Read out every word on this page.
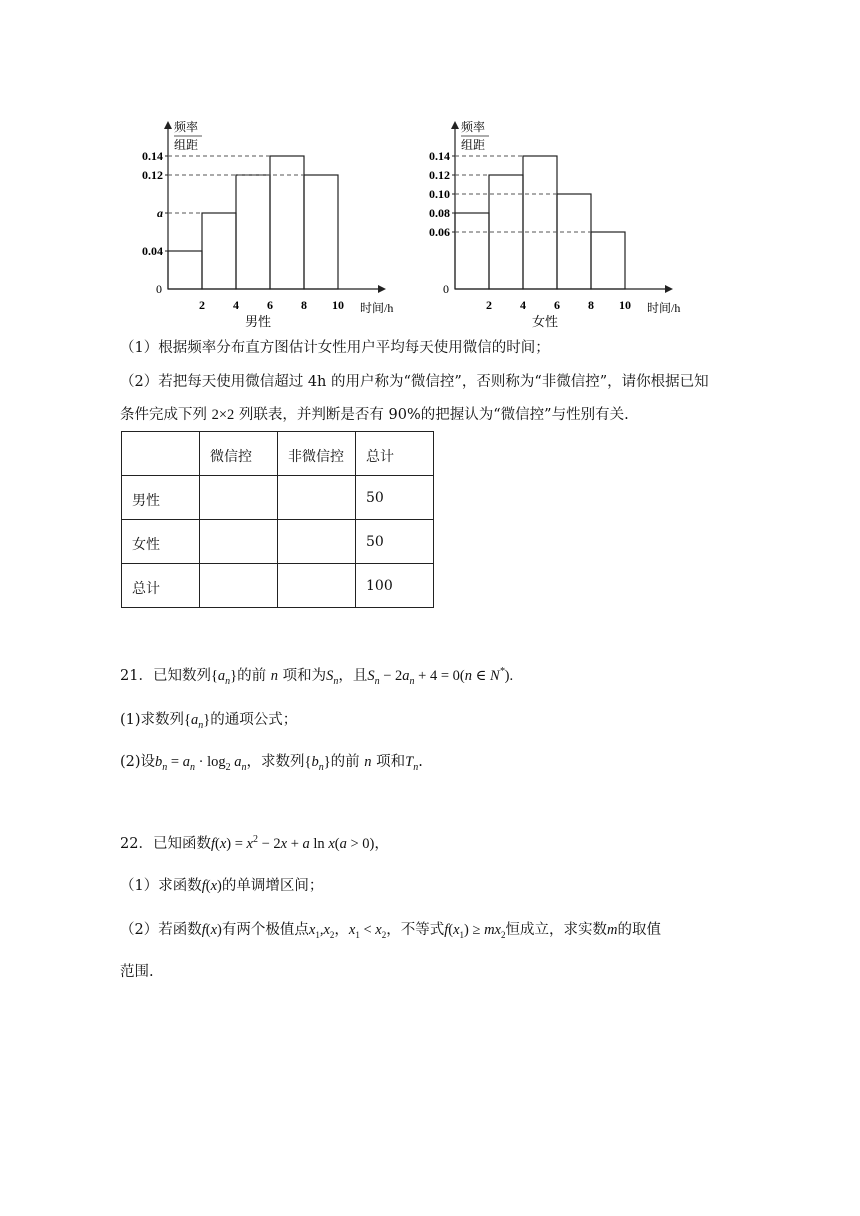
频率
组距
时间/h
0
0.04
a
0.12
0.14
2 4 6 8 10
男性
频率
组距
时间/h
0
0.06
0.08
0.10
0.12
0.14
2 4 6 8 10
女性
（1）根据频率分布直方图估计女性用户平均每天使用微信的时间；
（2）若把每天使用微信超过 4h 的用户称为“微信控”，否则称为“非微信控”，请你根据已知
条件完成下列 2×2 列联表，并判断是否有 90%的把握认为“微信控”与性别有关.
	微信控	非微信控	总计
男性			50
女性			50
总计			100
21．已知数列$\{a_n\}$的前 n 项和为$S_n$，且$S_n - 2a_n + 4 = 0(n$ ∈ N*).
(1)求数列$\{a_n\}$的通项公式；
(2)设$b_n = a_n \cdot \log_2 a_n$，求数列$\{b_n\}$的前 n 项和$T_n$.
22．已知函数$f(x) = x^2 - 2x + a$ ln x(a > 0)，
（1）求函数f(x)的单调增区间；
（2）若函数f(x)有两个极值点$x_1,x_2$，$x_1 < x_2$，不等式$f(x_1) \ge mx_2$恒成立，求实数m的取值
范围.
